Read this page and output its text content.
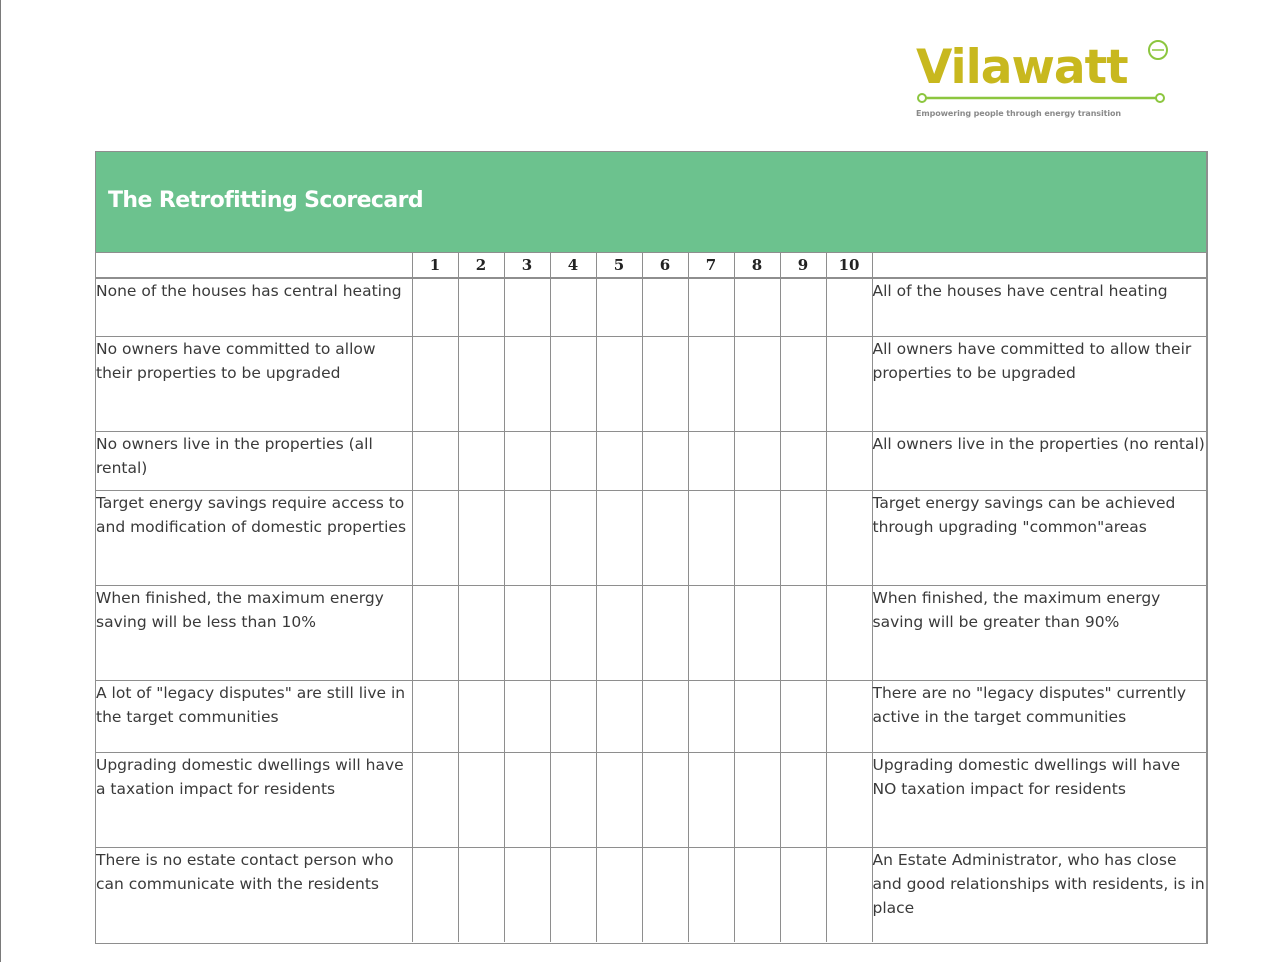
Vilawatt
Empowering people through energy transition
The Retrofitting Scorecard
	1	2	3	4	5	6	7	8	9	10	
None of the houses has central heating											All of the houses have central heating
No owners have committed to allow their properties to be upgraded											All owners have committed to allow their properties to be upgraded
No owners live in the properties (all rental)											All owners live in the properties (no rental)
Target energy savings require access to and modification of domestic properties											Target energy savings can be achieved through upgrading "common"areas
When finished, the maximum energy saving will be less than 10%											When finished, the maximum energy saving will be greater than 90%
A lot of "legacy disputes" are still live in the target communities											There are no "legacy disputes" currently active in the target communities
Upgrading domestic dwellings will have a taxation impact for residents											Upgrading domestic dwellings will have NO taxation impact for residents
There is no estate contact person who can communicate with the residents											An Estate Administrator, who has close and good relationships with residents, is in place
